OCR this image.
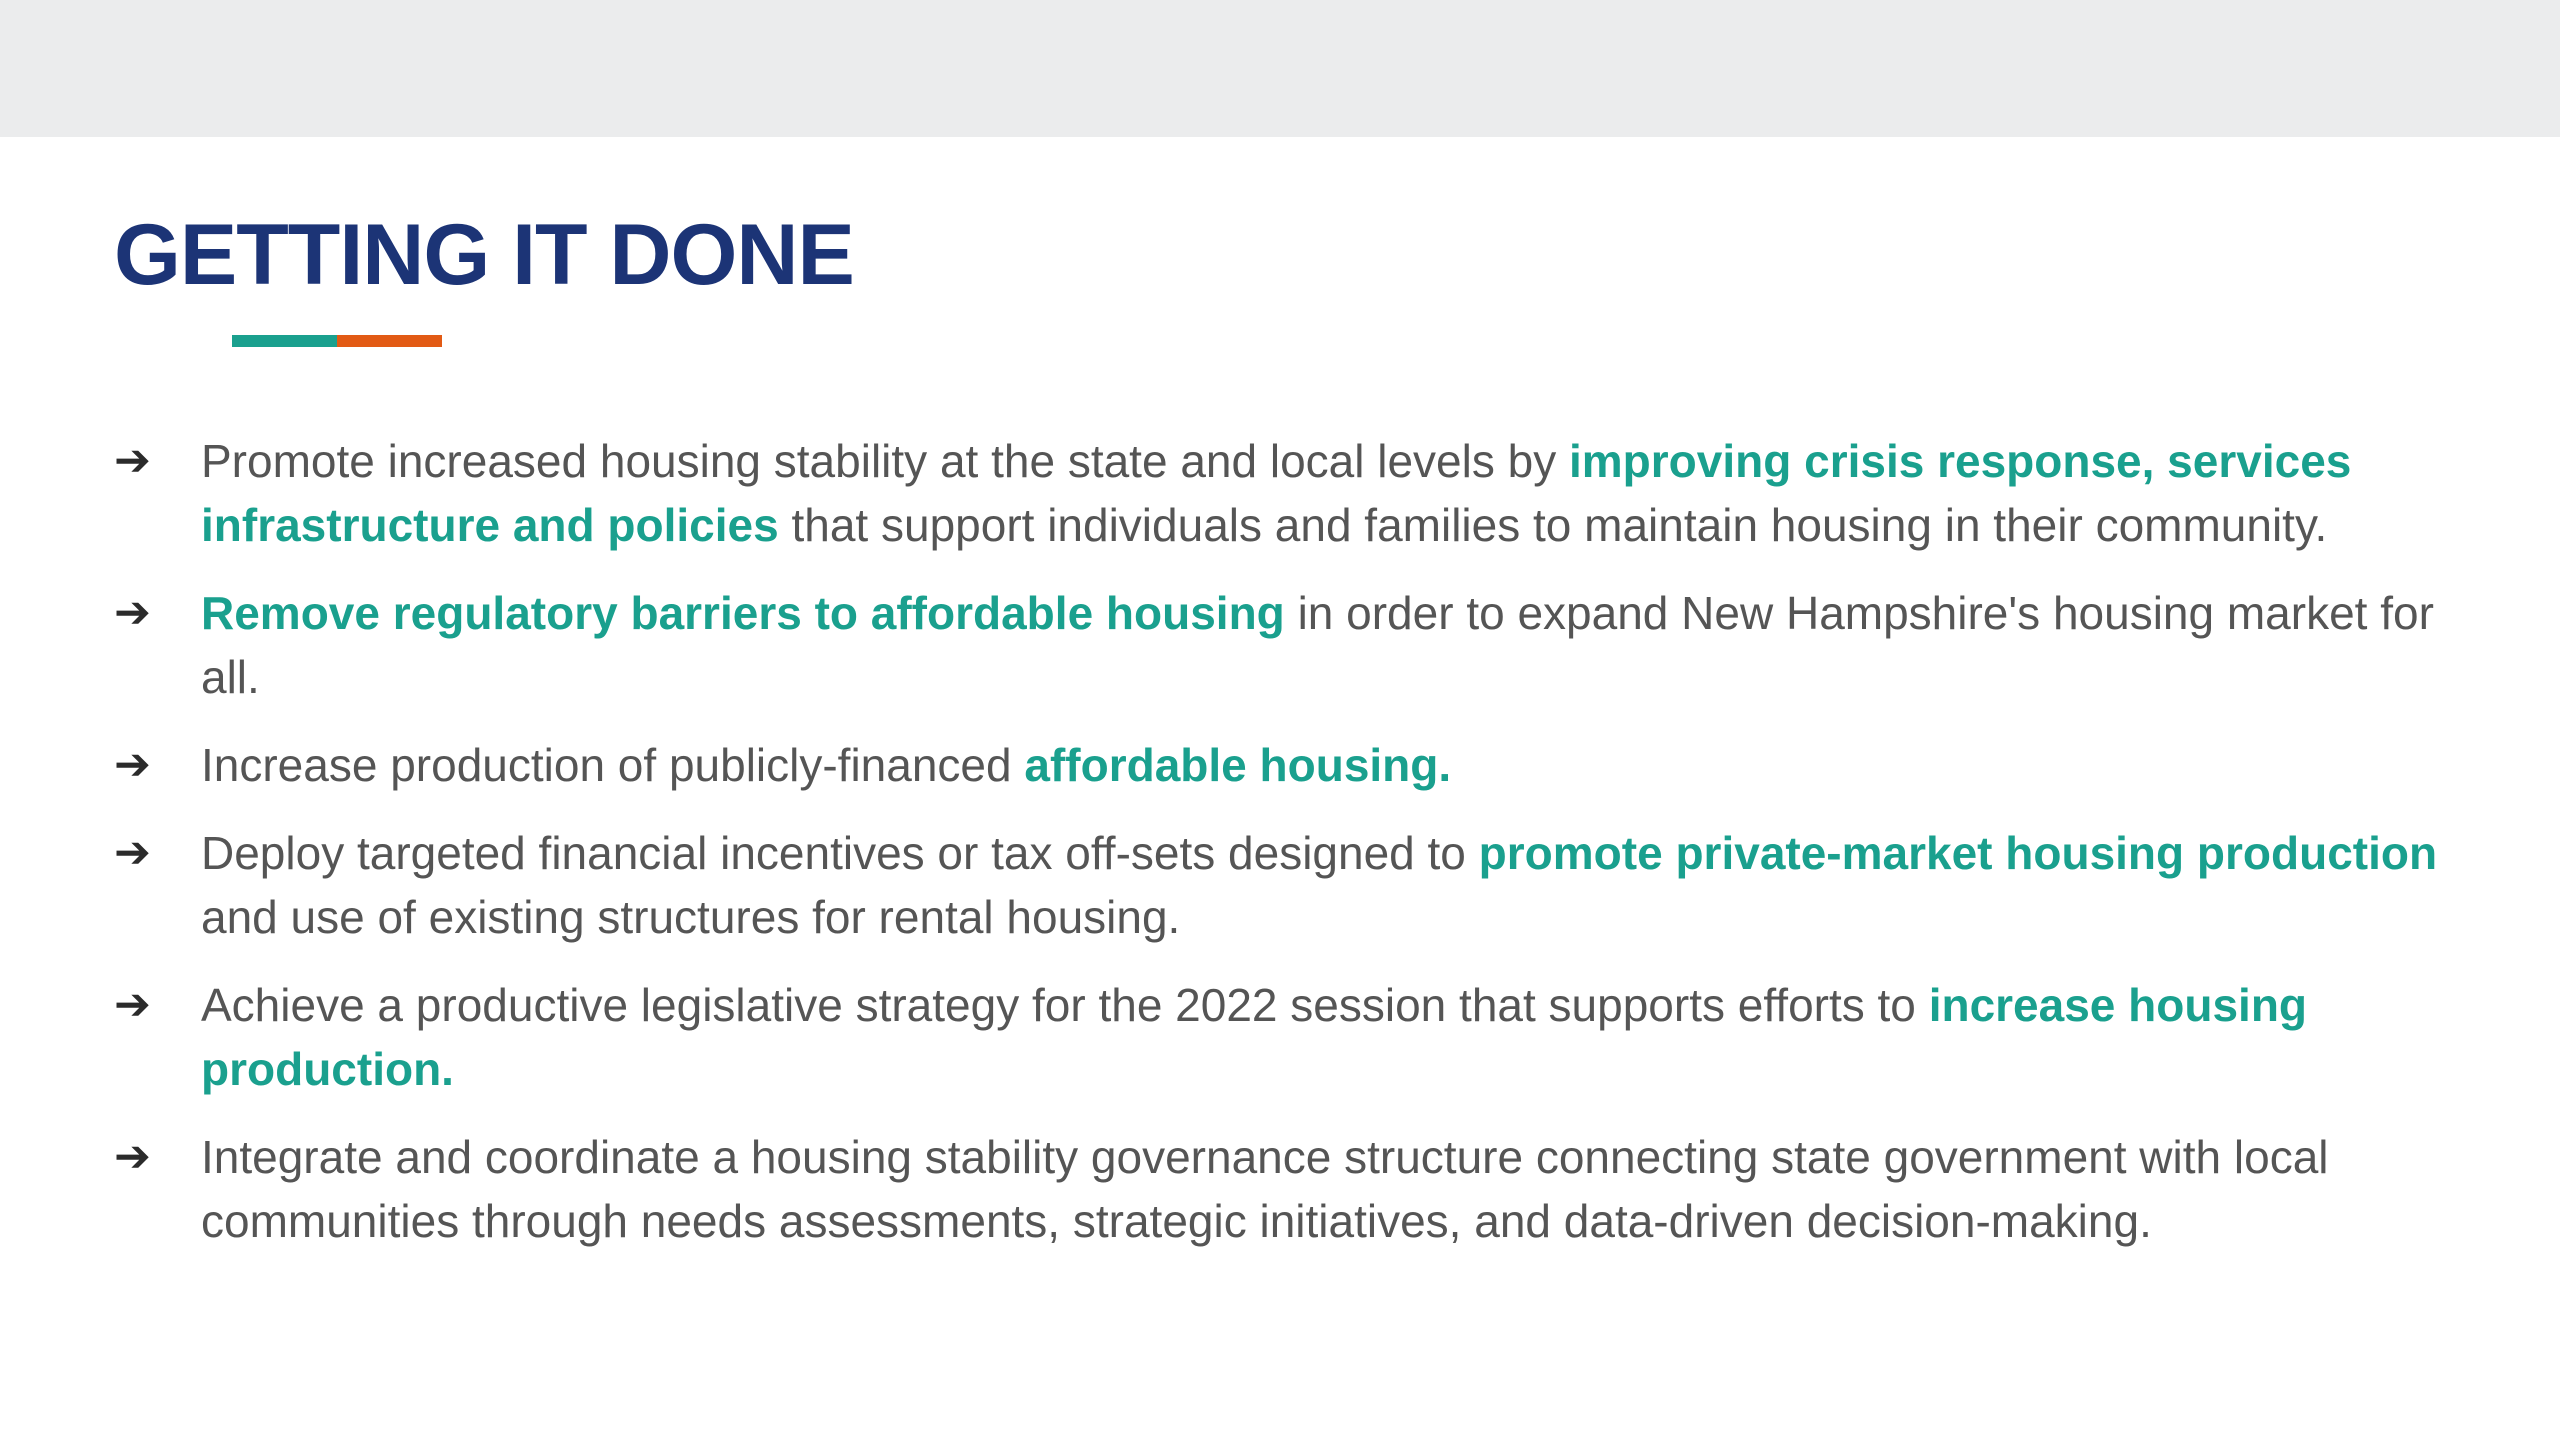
GETTING IT DONE
➔ Promote increased housing stability at the state and local levels by improving crisis response, services infrastructure and policies that support individuals and families to maintain housing in their community.
➔ Remove regulatory barriers to affordable housing in order to expand New Hampshire's housing market for all.
➔ Increase production of publicly-financed affordable housing.
➔ Deploy targeted financial incentives or tax off-sets designed to promote private-market housing production and use of existing structures for rental housing.
➔ Achieve a productive legislative strategy for the 2022 session that supports efforts to increase housing production.
➔ Integrate and coordinate a housing stability governance structure connecting state government with local communities through needs assessments, strategic initiatives, and data-driven decision-making.
